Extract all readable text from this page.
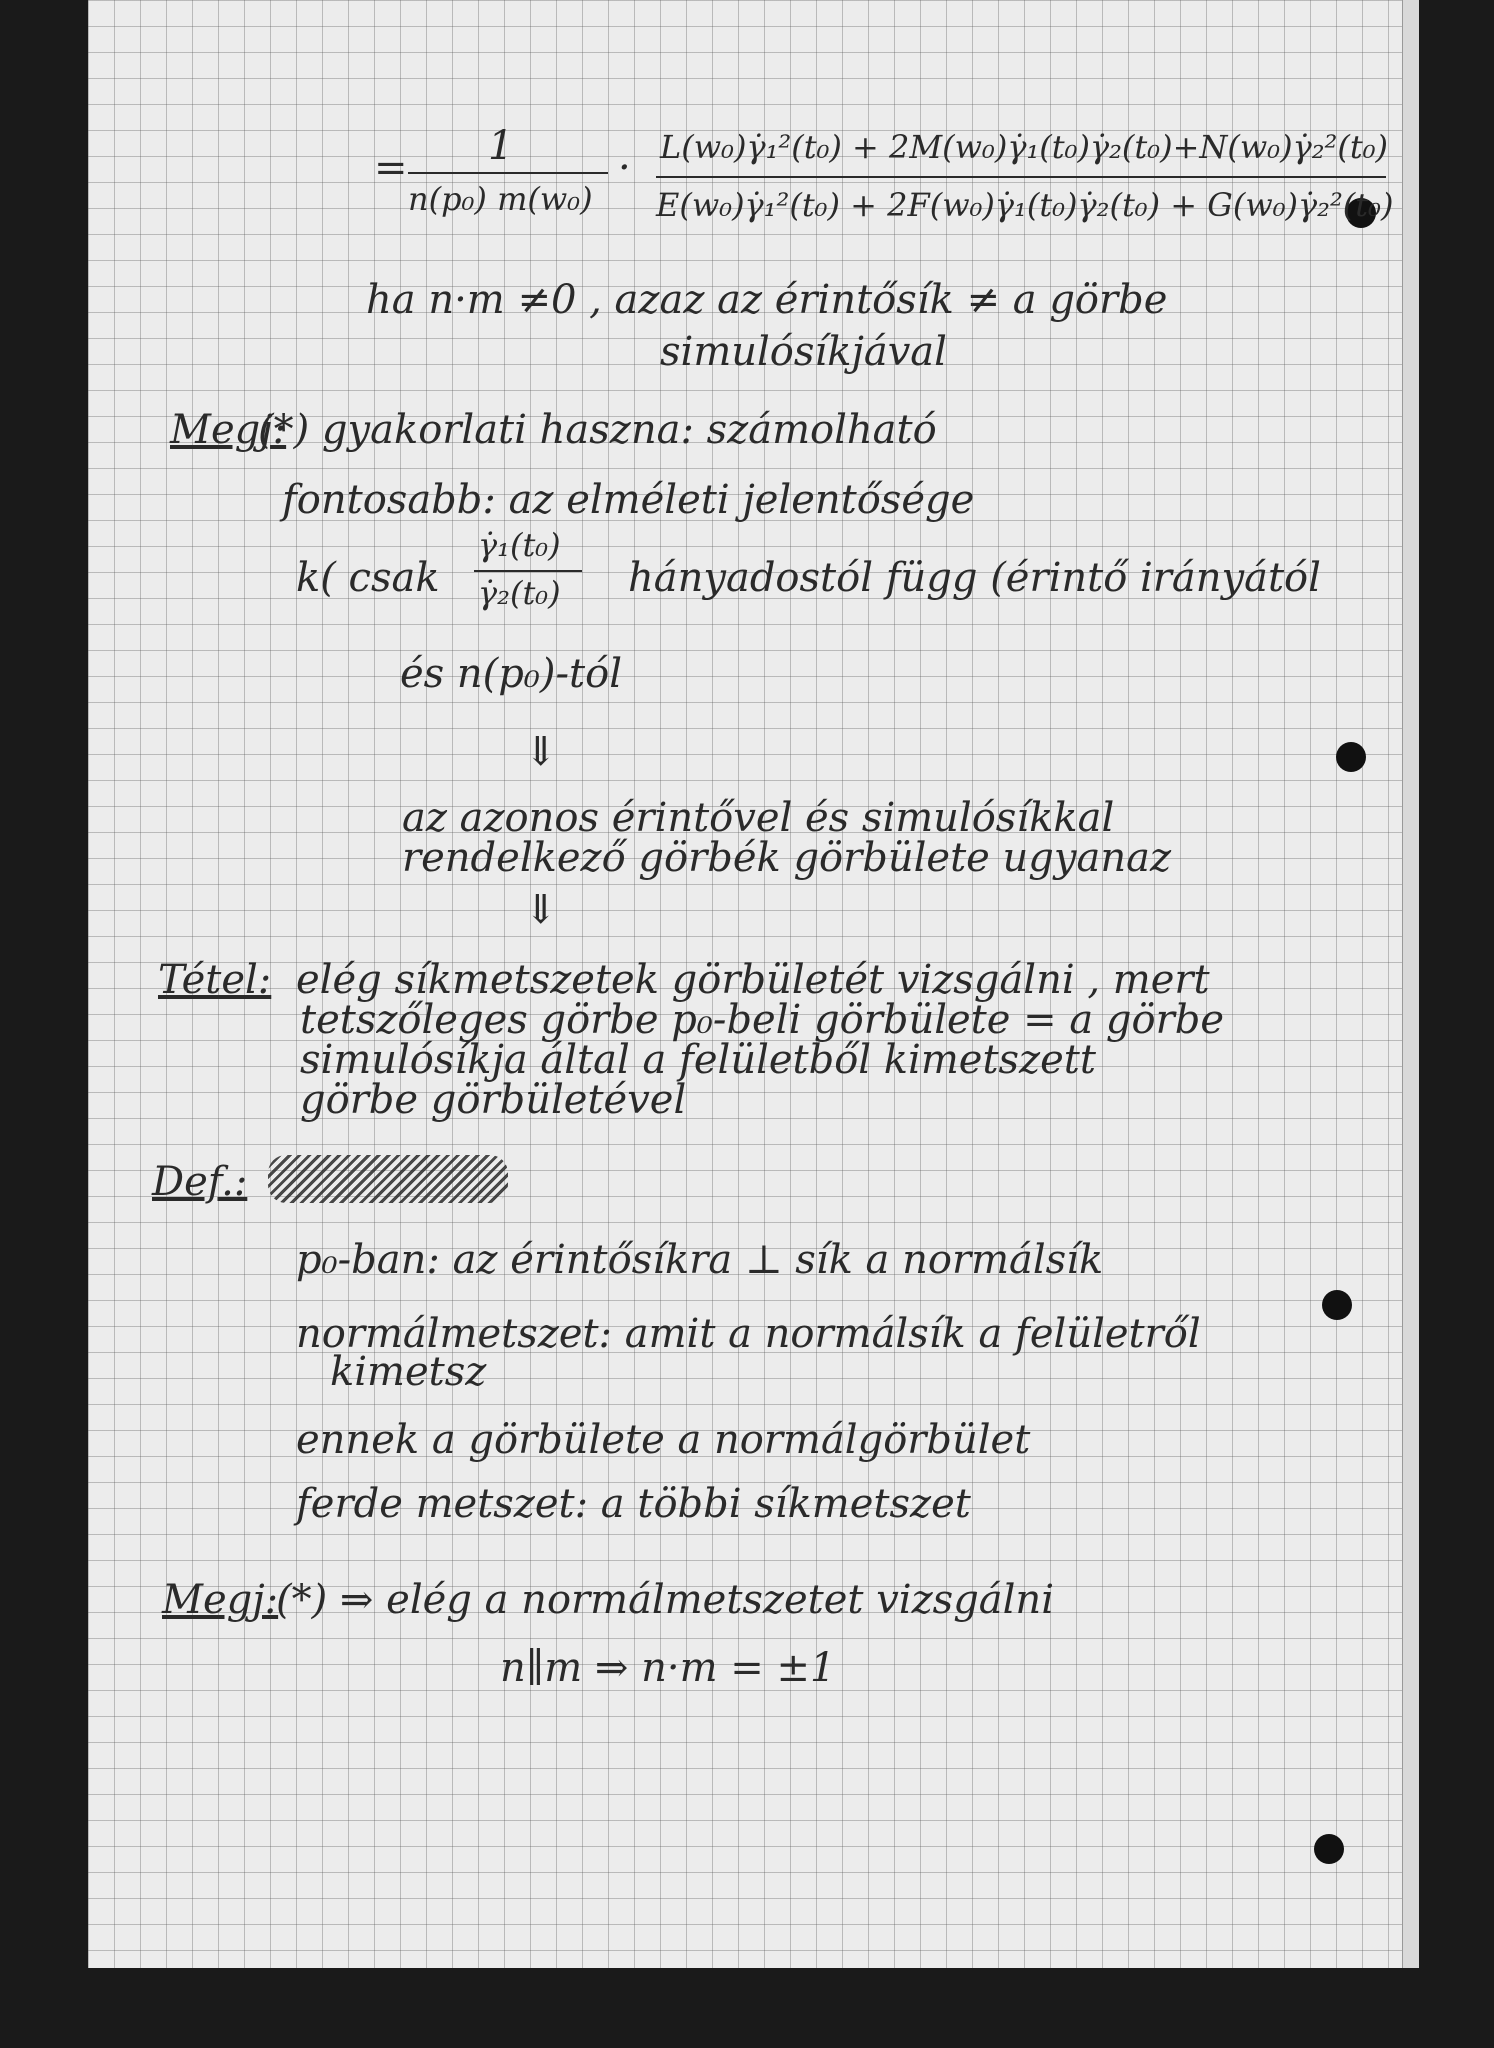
= 1
n(p₀) m(w₀)
· L(w₀)γ̇₁²(t₀) + 2M(w₀)γ̇₁(t₀)γ̇₂(t₀)+N(w₀)γ̇₂²(t₀)
E(w₀)γ̇₁²(t₀) + 2F(w₀)γ̇₁(t₀)γ̇₂(t₀) + G(w₀)γ̇₂²(t₀)
ha n·m ≠0 , azaz az érintősík ≠ a görbe
simulósíkjával
Megj:
(*) gyakorlati haszna: számolható
fontosabb: az elméleti jelentősége
k( csak
γ̇₁(t₀)
γ̇₂(t₀) hányadostól függ (érintő irányától
és n(p₀)-tól
⇓
az azonos érintővel és simulósíkkal
rendelkező görbék görbülete ugyanaz
⇓
Tétel: elég síkmetszetek görbületét vizsgálni , mert
tetszőleges görbe p₀-beli görbülete = a görbe
simulósíkja által a felületből kimetszett
görbe görbületével
Def.:
p₀-ban: az érintősíkra ⊥ sík a normálsík
normálmetszet: amit a normálsík a felületről
kimetsz
ennek a görbülete a normálgörbület
ferde metszet: a többi síkmetszet
Megj:
(*) ⇒ elég a normálmetszetet vizsgálni
n∥m ⇒ n·m = ±1
